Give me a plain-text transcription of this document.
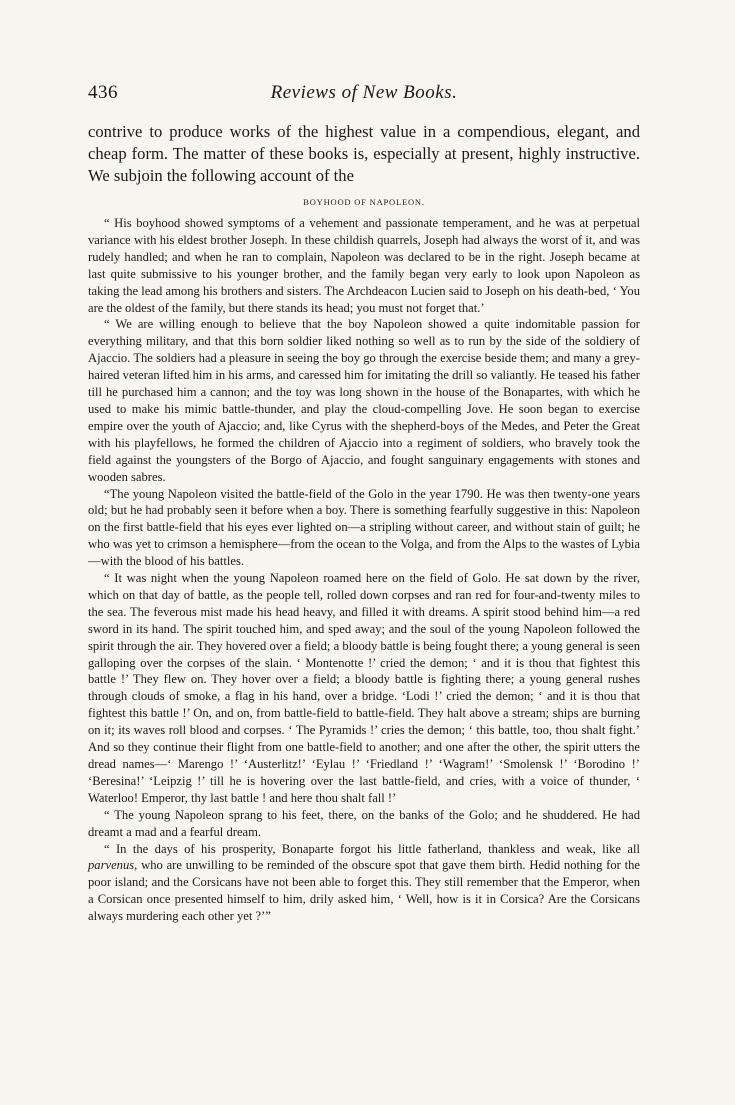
436	Reviews of New Books.

contrive to produce works of the highest value in a compendious, elegant, and cheap form. The matter of these books is, especially at present, highly instructive. We subjoin the following account of the

BOYHOOD OF NAPOLEON.

“ His boyhood showed symptoms of a vehement and passionate temperament, and he was at perpetual variance with his eldest brother Joseph. In these childish quarrels, Joseph had always the worst of it, and was rudely handled; and when he ran to complain, Napoleon was declared to be in the right. Joseph became at last quite submissive to his younger brother, and the family began very early to look upon Napoleon as taking the lead among his brothers and sisters. The Archdeacon Lucien said to Joseph on his death-bed, ‘ You are the oldest of the family, but there stands its head; you must not forget that.’

“ We are willing enough to believe that the boy Napoleon showed a quite indomitable passion for everything military, and that this born soldier liked nothing so well as to run by the side of the soldiery of Ajaccio. The soldiers had a pleasure in seeing the boy go through the exercise beside them; and many a grey-haired veteran lifted him in his arms, and caressed him for imitating the drill so valiantly. He teased his father till he purchased him a cannon; and the toy was long shown in the house of the Bonapartes, with which he used to make his mimic battle-thunder, and play the cloud-compelling Jove. He soon began to exercise empire over the youth of Ajaccio; and, like Cyrus with the shepherd-boys of the Medes, and Peter the Great with his playfellows, he formed the children of Ajaccio into a regiment of soldiers, who bravely took the field against the youngsters of the Borgo of Ajaccio, and fought sanguinary engagements with stones and wooden sabres.

“The young Napoleon visited the battle-field of the Golo in the year 1790. He was then twenty-one years old; but he had probably seen it before when a boy. There is something fearfully suggestive in this: Napoleon on the first battle-field that his eyes ever lighted on—a stripling without career, and without stain of guilt; he who was yet to crimson a hemisphere—from the ocean to the Volga, and from the Alps to the wastes of Lybia—with the blood of his battles.

“ It was night when the young Napoleon roamed here on the field of Golo. He sat down by the river, which on that day of battle, as the people tell, rolled down corpses and ran red for four-and-twenty miles to the sea. The feverous mist made his head heavy, and filled it with dreams. A spirit stood behind him—a red sword in its hand. The spirit touched him, and sped away; and the soul of the young Napoleon followed the spirit through the air. They hovered over a field; a bloody battle is being fought there; a young general is seen galloping over the corpses of the slain. ‘ Montenotte !’ cried the demon; ‘ and it is thou that fightest this battle !’ They flew on. They hover over a field; a bloody battle is fighting there; a young general rushes through clouds of smoke, a flag in his hand, over a bridge. ‘Lodi !’ cried the demon; ‘ and it is thou that fightest this battle !’ On, and on, from battle-field to battle-field. They halt above a stream; ships are burning on it; its waves roll blood and corpses. ‘ The Pyramids !’ cries the demon; ‘ this battle, too, thou shalt fight.’ And so they continue their flight from one battle-field to another; and one after the other, the spirit utters the dread names—‘ Marengo !’ ‘Austerlitz!’ ‘Eylau !’ ‘Friedland !’ ‘Wagram!’ ‘Smolensk !’ ‘Borodino !’ ‘Beresina!’ ‘Leipzig !’ till he is hovering over the last battle-field, and cries, with a voice of thunder, ‘ Waterloo! Emperor, thy last battle ! and here thou shalt fall !’

“ The young Napoleon sprang to his feet, there, on the banks of the Golo; and he shuddered. He had dreamt a mad and a fearful dream.

“ In the days of his prosperity, Bonaparte forgot his little fatherland, thankless and weak, like all parvenus, who are unwilling to be reminded of the obscure spot that gave them birth. Hedid nothing for the poor island; and the Corsicans have not been able to forget this. They still remember that the Emperor, when a Corsican once presented himself to him, drily asked him, ‘ Well, how is it in Corsica? Are the Corsicans always murdering each other yet ?’”
